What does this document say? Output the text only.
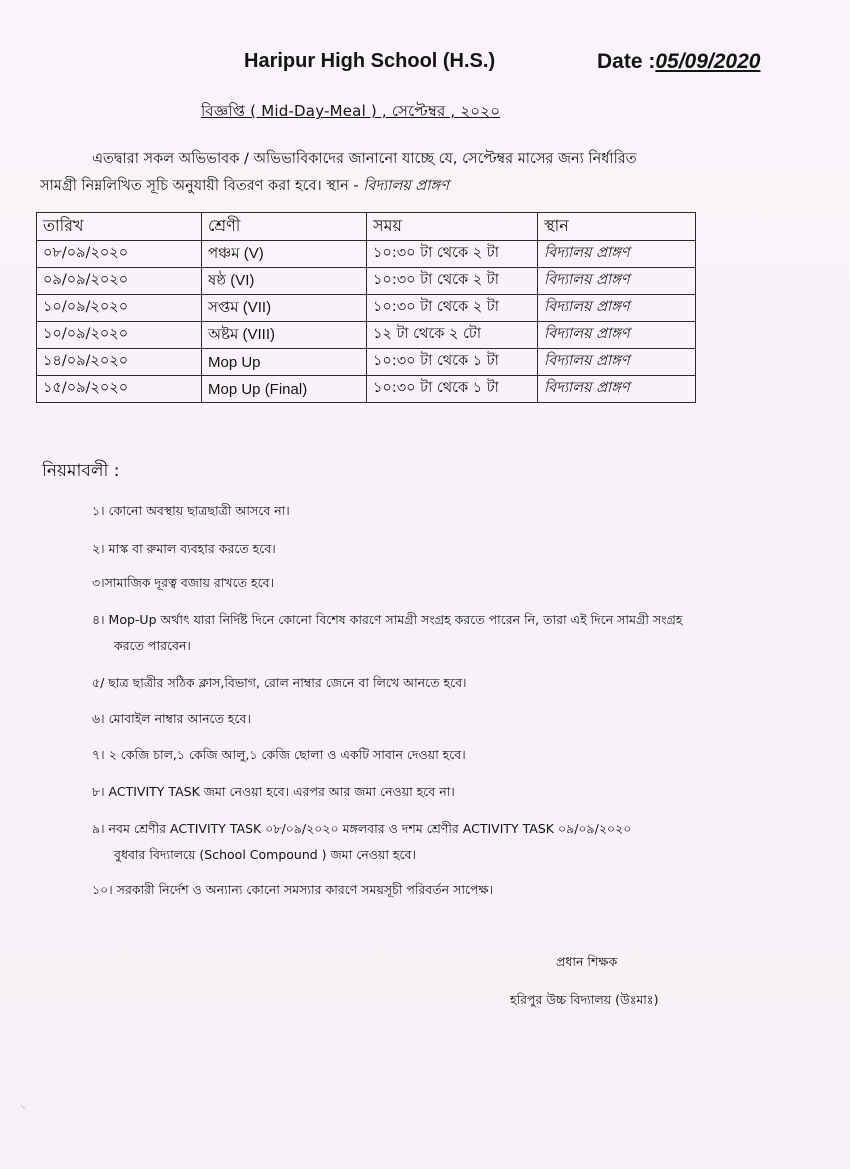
Haripur High School (H.S.)	Date :05/09/2020
বিজ্ঞপ্তি ( Mid-Day-Meal ) , সেপ্টেম্বর , ২০২০
এতদ্বারা সকল অভিভাবক / অভিভাবিকাদের জানানো যাচ্ছে যে, সেপ্টেম্বর মাসের জন্য নির্ধারিত
সামগ্রী নিম্নলিখিত সূচি অনুযায়ী বিতরণ করা হবে। স্থান - বিদ্যালয় প্রাঙ্গণ
তারিখ	শ্রেণী	সময়	স্থান
০৮/০৯/২০২০	পঞ্চম (V)	১০:৩০ টা থেকে ২ টা	বিদ্যালয় প্রাঙ্গণ
০৯/০৯/২০২০	ষষ্ঠ (VI)	১০:৩০ টা থেকে ২ টা	বিদ্যালয় প্রাঙ্গণ
১০/০৯/২০২০	সপ্তম (VII)	১০:৩০ টা থেকে ২ টা	বিদ্যালয় প্রাঙ্গণ
১০/০৯/২০২০	অষ্টম (VIII)	১২ টা থেকে ২ টো	বিদ্যালয় প্রাঙ্গণ
১৪/০৯/২০২০	Mop Up	১০:৩০ টা থেকে ১ টা	বিদ্যালয় প্রাঙ্গণ
১৫/০৯/২০২০	Mop Up (Final)	১০:৩০ টা থেকে ১ টা	বিদ্যালয় প্রাঙ্গণ
নিয়মাবলী :
১। কোনো অবস্থায় ছাত্রছাত্রী আসবে না।
২। মাস্ক বা রুমাল ব্যবহার করতে হবে।
৩।সামাজিক দূরত্ব বজায় রাখতে হবে।
৪। Mop-Up অর্থাৎ যারা নির্দিষ্ট দিনে কোনো বিশেষ কারণে সামগ্রী সংগ্রহ করতে পারেন নি, তারা এই দিনে সামগ্রী সংগ্রহ
করতে পারবেন।
৫/ ছাত্র ছাত্রীর সঠিক ক্লাস,বিভাগ, রোল নাম্বার জেনে বা লিখে আনতে হবে।
৬। মোবাইল নাম্বার আনতে হবে।
৭। ২ কেজি চাল,১ কেজি আলু,১ কেজি ছোলা ও একটি সাবান দেওয়া হবে।
৮। ACTIVITY TASK জমা নেওয়া হবে। এরপর আর জমা নেওয়া হবে না।
৯। নবম শ্রেণীর ACTIVITY TASK ০৮/০৯/২০২০ মঙ্গলবার ও দশম শ্রেণীর ACTIVITY TASK ০৯/০৯/২০২০
বুধবার বিদ্যালয়ে (School Compound ) জমা নেওয়া হবে।
১০। সরকারী নির্দেশ ও অন্যান্য কোনো সমস্যার কারণে সময়সূচী পরিবর্তন সাপেক্ষ।
প্রধান শিক্ষক
হরিপুর উচ্চ বিদ্যালয় (উঃমাঃ)
⸜
